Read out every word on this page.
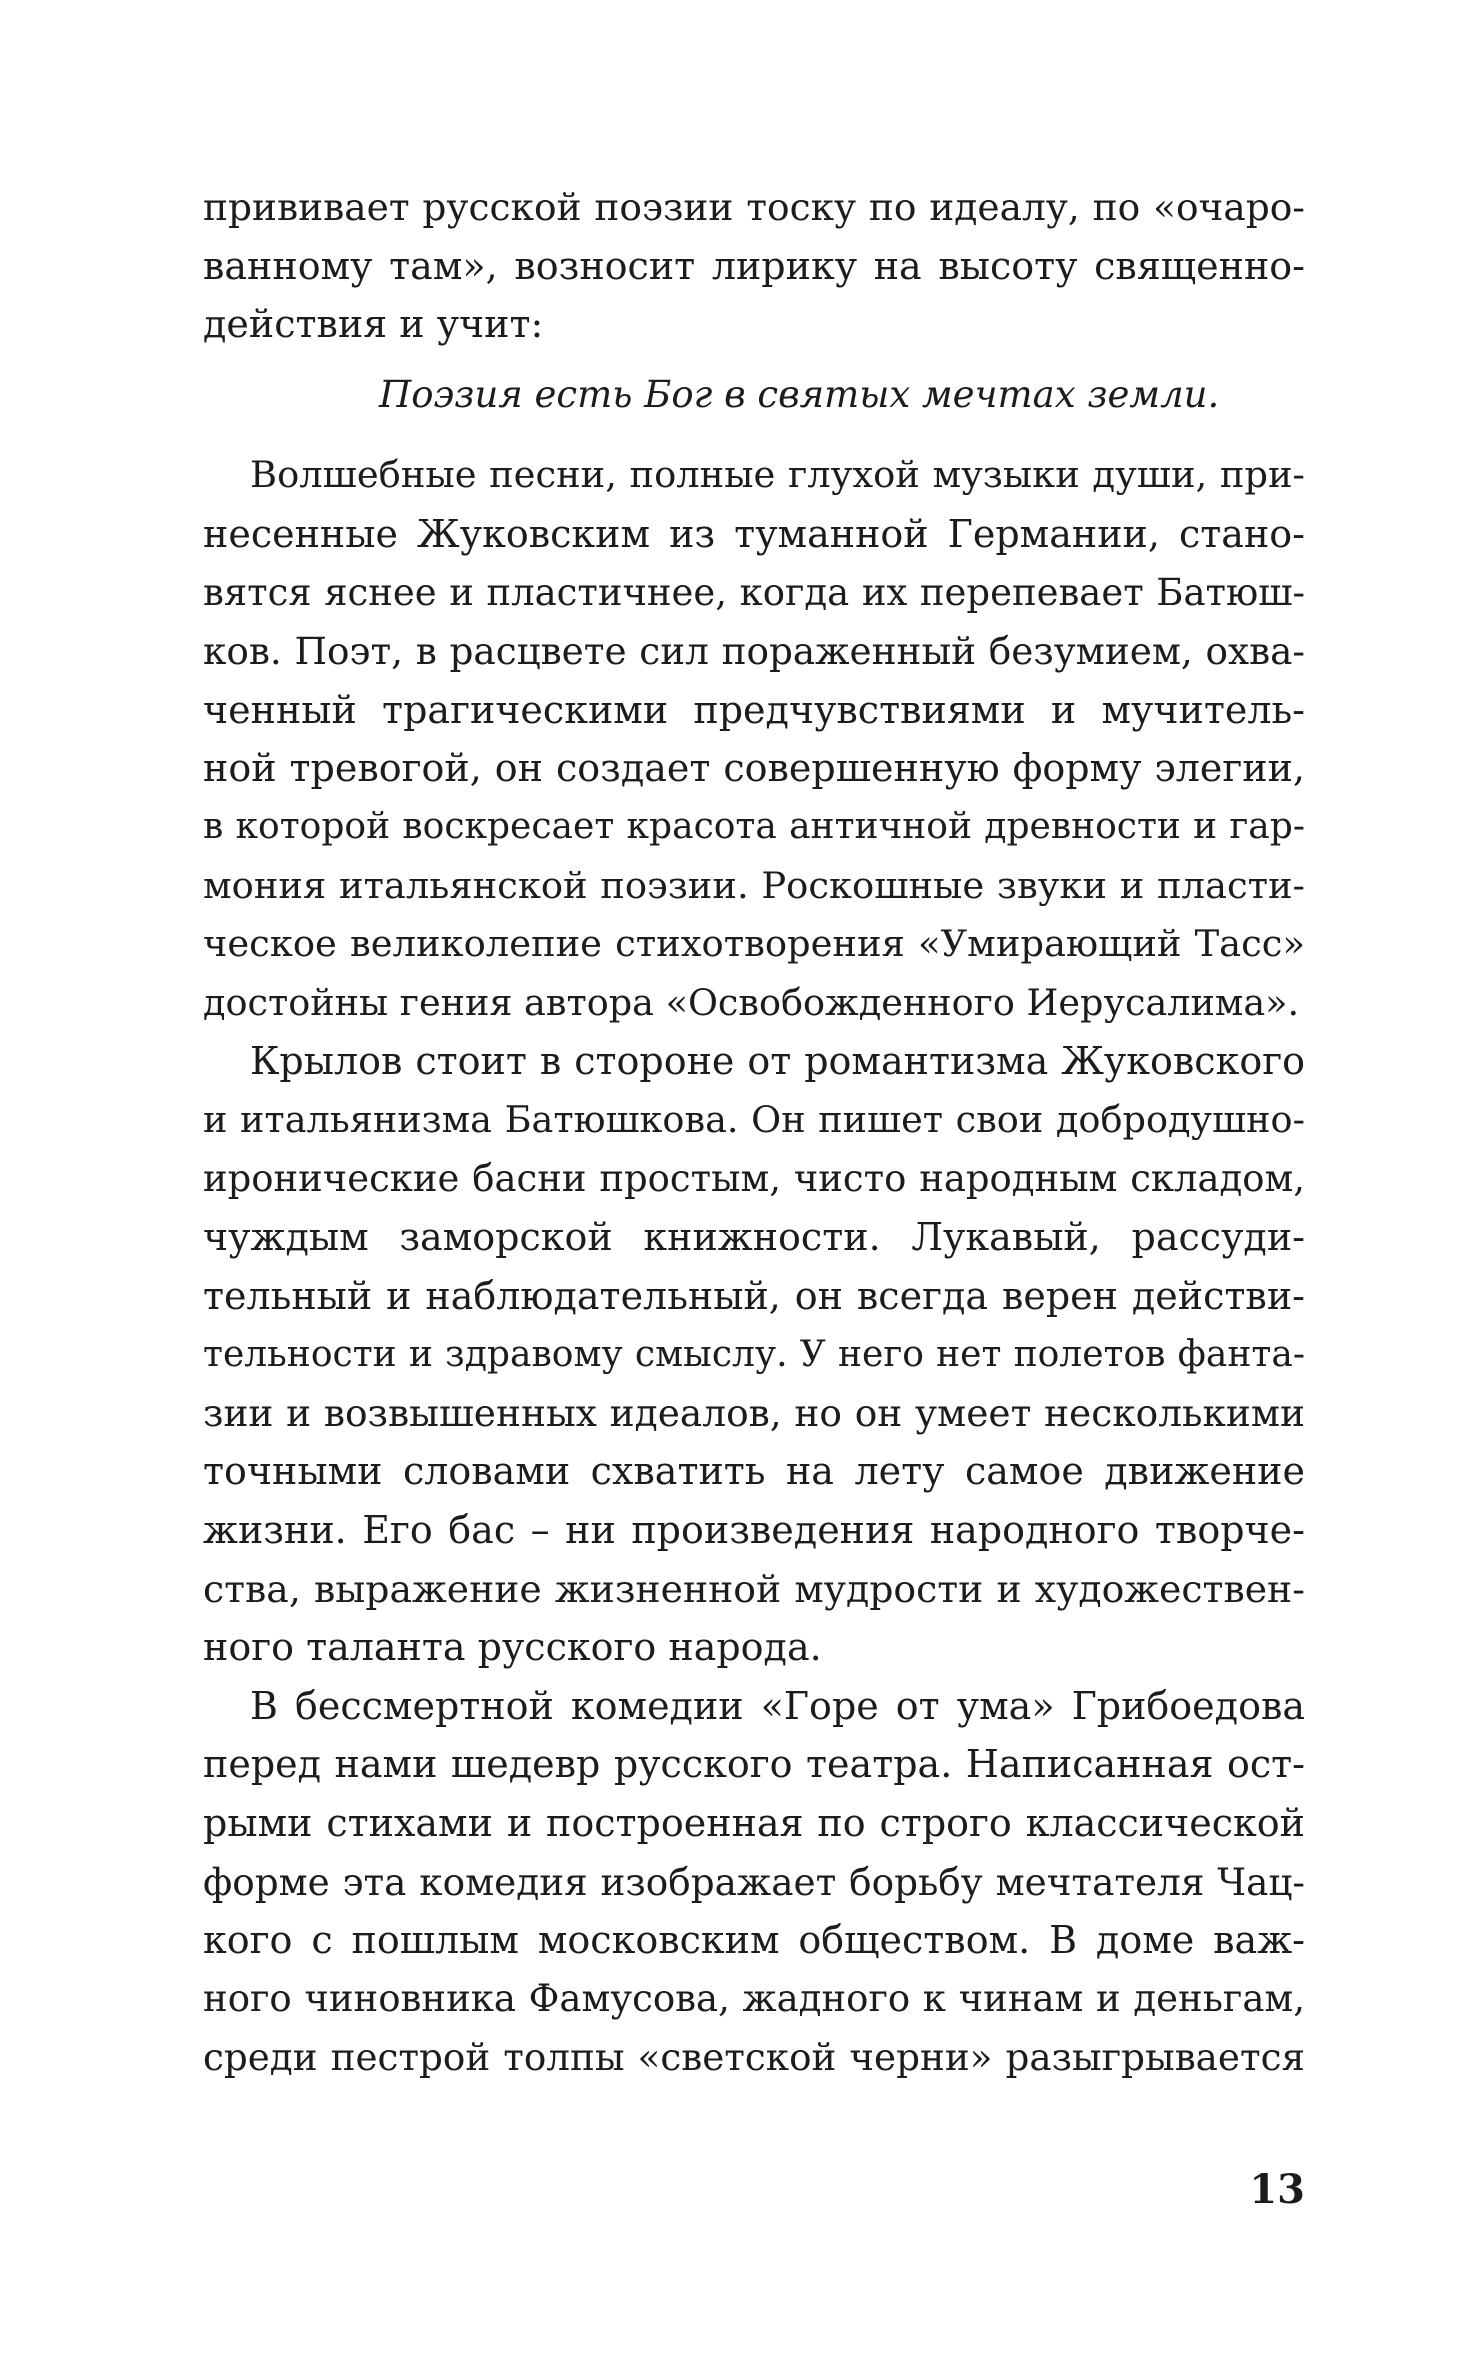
прививает русской поэзии тоску по идеалу, по «очаро-
ванному там», возносит лирику на высоту священно-
действия и учит:
Поэзия есть Бог в святых мечтах земли.
Волшебные песни, полные глухой музыки души, при-
несенные Жуковским из туманной Германии, стано-
вятся яснее и пластичнее, когда их перепевает Батюш-
ков. Поэт, в расцвете сил пораженный безумием, охва-
ченный трагическими предчувствиями и мучитель-
ной тревогой, он создает совершенную форму элегии,
в которой воскресает красота античной древности и гар-
мония итальянской поэзии. Роскошные звуки и пласти-
ческое великолепие стихотворения «Умирающий Тасс»
достойны гения автора «Освобожденного Иерусалима».
Крылов стоит в стороне от романтизма Жуковского
и итальянизма Батюшкова. Он пишет свои добродушно-
иронические басни простым, чисто народным складом,
чуждым заморской книжности. Лукавый, рассуди-
тельный и наблюдательный, он всегда верен действи-
тельности и здравому смыслу. У него нет полетов фанта-
зии и возвышенных идеалов, но он умеет несколькими
точными словами схватить на лету самое движение
жизни. Его бас – ни произведения народного творче-
ства, выражение жизненной мудрости и художествен-
ного таланта русского народа.
В бессмертной комедии «Горе от ума» Грибоедова
перед нами шедевр русского театра. Написанная ост-
рыми стихами и построенная по строго классической
форме эта комедия изображает борьбу мечтателя Чац-
кого с пошлым московским обществом. В доме важ-
ного чиновника Фамусова, жадного к чинам и деньгам,
среди пестрой толпы «светской черни» разыгрывается
13
